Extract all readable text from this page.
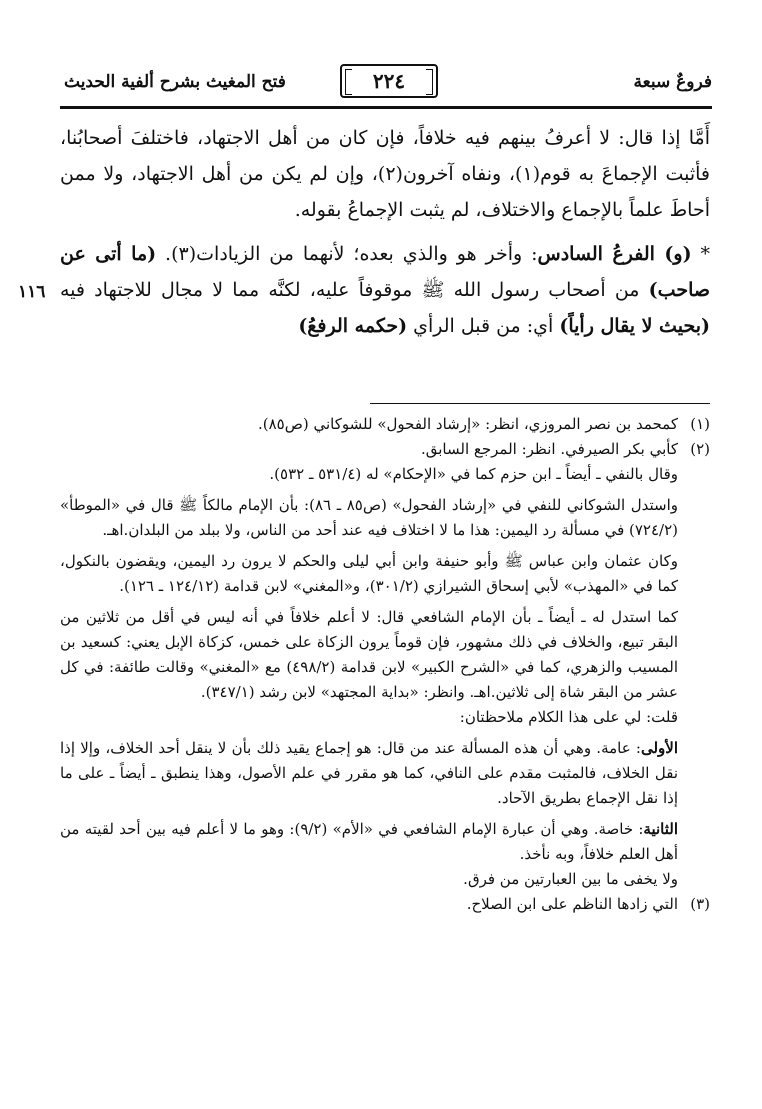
فروعٌ سبعة
٢٢٤
فتح المغيث بشرح ألفية الحديث
١١٦

أَمَّا إذا قال: لا أعرفُ بينهم فيه خلافاً، فإن كان من أهل الاجتهاد، فاختلفَ أصحابُنا، فأثبت الإجماعَ به قوم(١)، ونفاه آخرون(٢)، وإن لم يكن من أهل الاجتهاد، ولا ممن أحاطَ علماً بالإجماع والاختلاف، لم يثبت الإجماعُ بقوله.

* (و) الفرعُ السادس: وأخر هو والذي بعده؛ لأنهما من الزيادات(٣). (ما أتى عن صاحب) من أصحاب رسول الله ﷺ موقوفاً عليه، لكنَّه مما لا مجال للاجتهاد فيه (بحيث لا يقال رأياً) أي: من قبل الرأي (حكمه الرفعُ)

(١)كمحمد بن نصر المروزي، انظر: «إرشاد الفحول» للشوكاني (ص٨٥).

(٢)كأبي بكر الصيرفي. انظر: المرجع السابق.

وقال بالنفي ـ أيضاً ـ ابن حزم كما في «الإحكام» له (٥٣١/٤ ـ ٥٣٢).

واستدل الشوكاني للنفي في «إرشاد الفحول» (ص٨٥ ـ ٨٦): بأن الإمام مالكاً ﷺ قال في «الموطأ» (٧٢٤/٢) في مسألة رد اليمين: هذا ما لا اختلاف فيه عند أحد من الناس، ولا ببلد من البلدان.اهـ.

وكان عثمان وابن عباس ﷺ وأبو حنيفة وابن أبي ليلى والحكم لا يرون رد اليمين، ويقضون بالنكول، كما في «المهذب» لأبي إسحاق الشيرازي (٣٠١/٢)، و«المغني» لابن قدامة (١٢٤/١٢ ـ ١٢٦).

كما استدل له ـ أيضاً ـ بأن الإمام الشافعي قال: لا أعلم خلافاً في أنه ليس في أقل من ثلاثين من البقر تبيع، والخلاف في ذلك مشهور، فإن قوماً يرون الزكاة على خمس، كزكاة الإبل يعني: كسعيد بن المسيب والزهري، كما في «الشرح الكبير» لابن قدامة (٤٩٨/٢) مع «المغني» وقالت طائفة: في كل عشر من البقر شاة إلى ثلاثين.اهـ. وانظر: «بداية المجتهد» لابن رشد (٣٤٧/١).

قلت: لي على هذا الكلام ملاحظتان:

الأولى: عامة. وهي أن هذه المسألة عند من قال: هو إجماع يقيد ذلك بأن لا ينقل أحد الخلاف، وإلا إذا نقل الخلاف، فالمثبت مقدم على النافي، كما هو مقرر في علم الأصول، وهذا ينطبق ـ أيضاً ـ على ما إذا نقل الإجماع بطريق الآحاد.

الثانية: خاصة. وهي أن عبارة الإمام الشافعي في «الأم» (٩/٢): وهو ما لا أعلم فيه بين أحد لقيته من أهل العلم خلافاً، وبه نأخذ.

ولا يخفى ما بين العبارتين من فرق.

(٣)التي زادها الناظم على ابن الصلاح.
